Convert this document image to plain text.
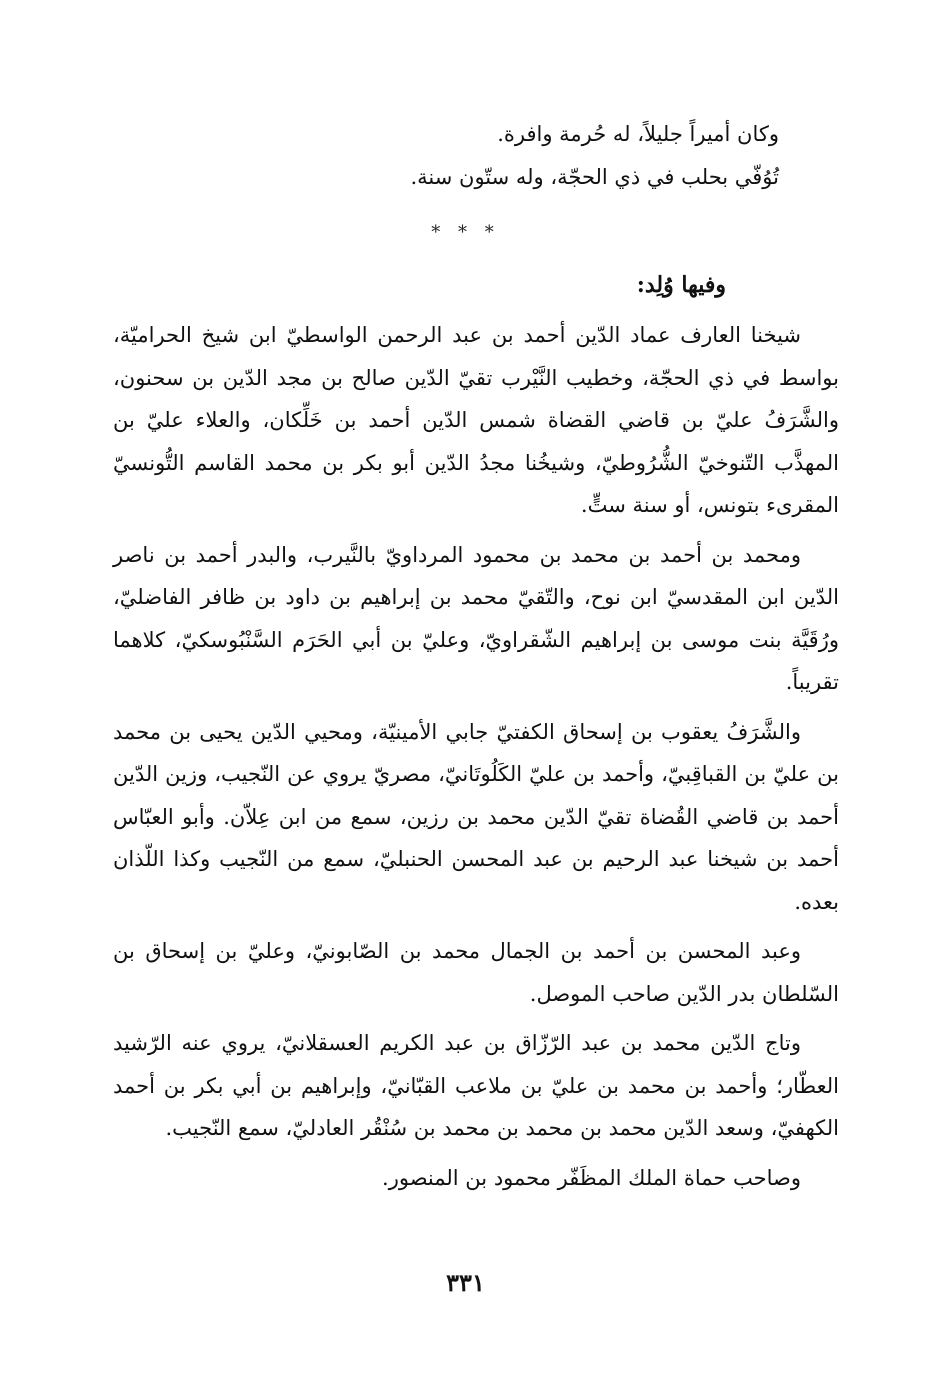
وكان أميراً جليلاً، له حُرمة وافرة.

تُوُفّي بحلب في ذي الحجّة، وله ستّون سنة.

* * *
وفيها وُلِد:

شيخنا العارف عماد الدّين أحمد بن عبد الرحمن الواسطيّ ابن شيخ الحراميّة، بواسط في ذي الحجّة، وخطيب النَّيْرب تقيّ الدّين صالح بن مجد الدّين بن سحنون، والشَّرَفُ عليّ بن قاضي القضاة شمس الدّين أحمد بن خَلِّكان، والعلاء عليّ بن المهذَّب التّنوخيّ الشُّرُوطيّ، وشيخُنا مجدُ الدّين أبو بكر بن محمد القاسم التُّونسيّ المقرىء بتونس، أو سنة ستٍّ.

ومحمد بن أحمد بن محمد بن محمود المرداويّ بالنَّيرب، والبدر أحمد بن ناصر الدّين ابن المقدسيّ ابن نوح، والتّقيّ محمد بن إبراهيم بن داود بن ظافر الفاضليّ، ورُقَيَّة بنت موسى بن إبراهيم الشّقراويّ، وعليّ بن أبي الحَرَم السَّنْبُوسكيّ، كلاهما تقريباً.

والشَّرَفُ يعقوب بن إسحاق الكفتيّ جابي الأمينيّة، ومحيي الدّين يحيى بن محمد بن عليّ بن القباقِبيّ، وأحمد بن عليّ الكَلُوتَانيّ، مصريّ يروي عن النّجيب، وزين الدّين أحمد بن قاضي القُضاة تقيّ الدّين محمد بن رزين، سمع من ابن عِلاّن. وأبو العبّاس أحمد بن شيخنا عبد الرحيم بن عبد المحسن الحنبليّ، سمع من النّجيب وكذا اللّذان بعده.

وعبد المحسن بن أحمد بن الجمال محمد بن الصّابونيّ، وعليّ بن إسحاق بن السّلطان بدر الدّين صاحب الموصل.

وتاج الدّين محمد بن عبد الرّزّاق بن عبد الكريم العسقلانيّ، يروي عنه الرّشيد العطّار؛ وأحمد بن محمد بن عليّ بن ملاعب القبّانيّ، وإبراهيم بن أبي بكر بن أحمد الكهفيّ، وسعد الدّين محمد بن محمد بن محمد بن سُنْقُر العادليّ، سمع النّجيب.

وصاحب حماة الملك المظَفّر محمود بن المنصور.

٣٣١
